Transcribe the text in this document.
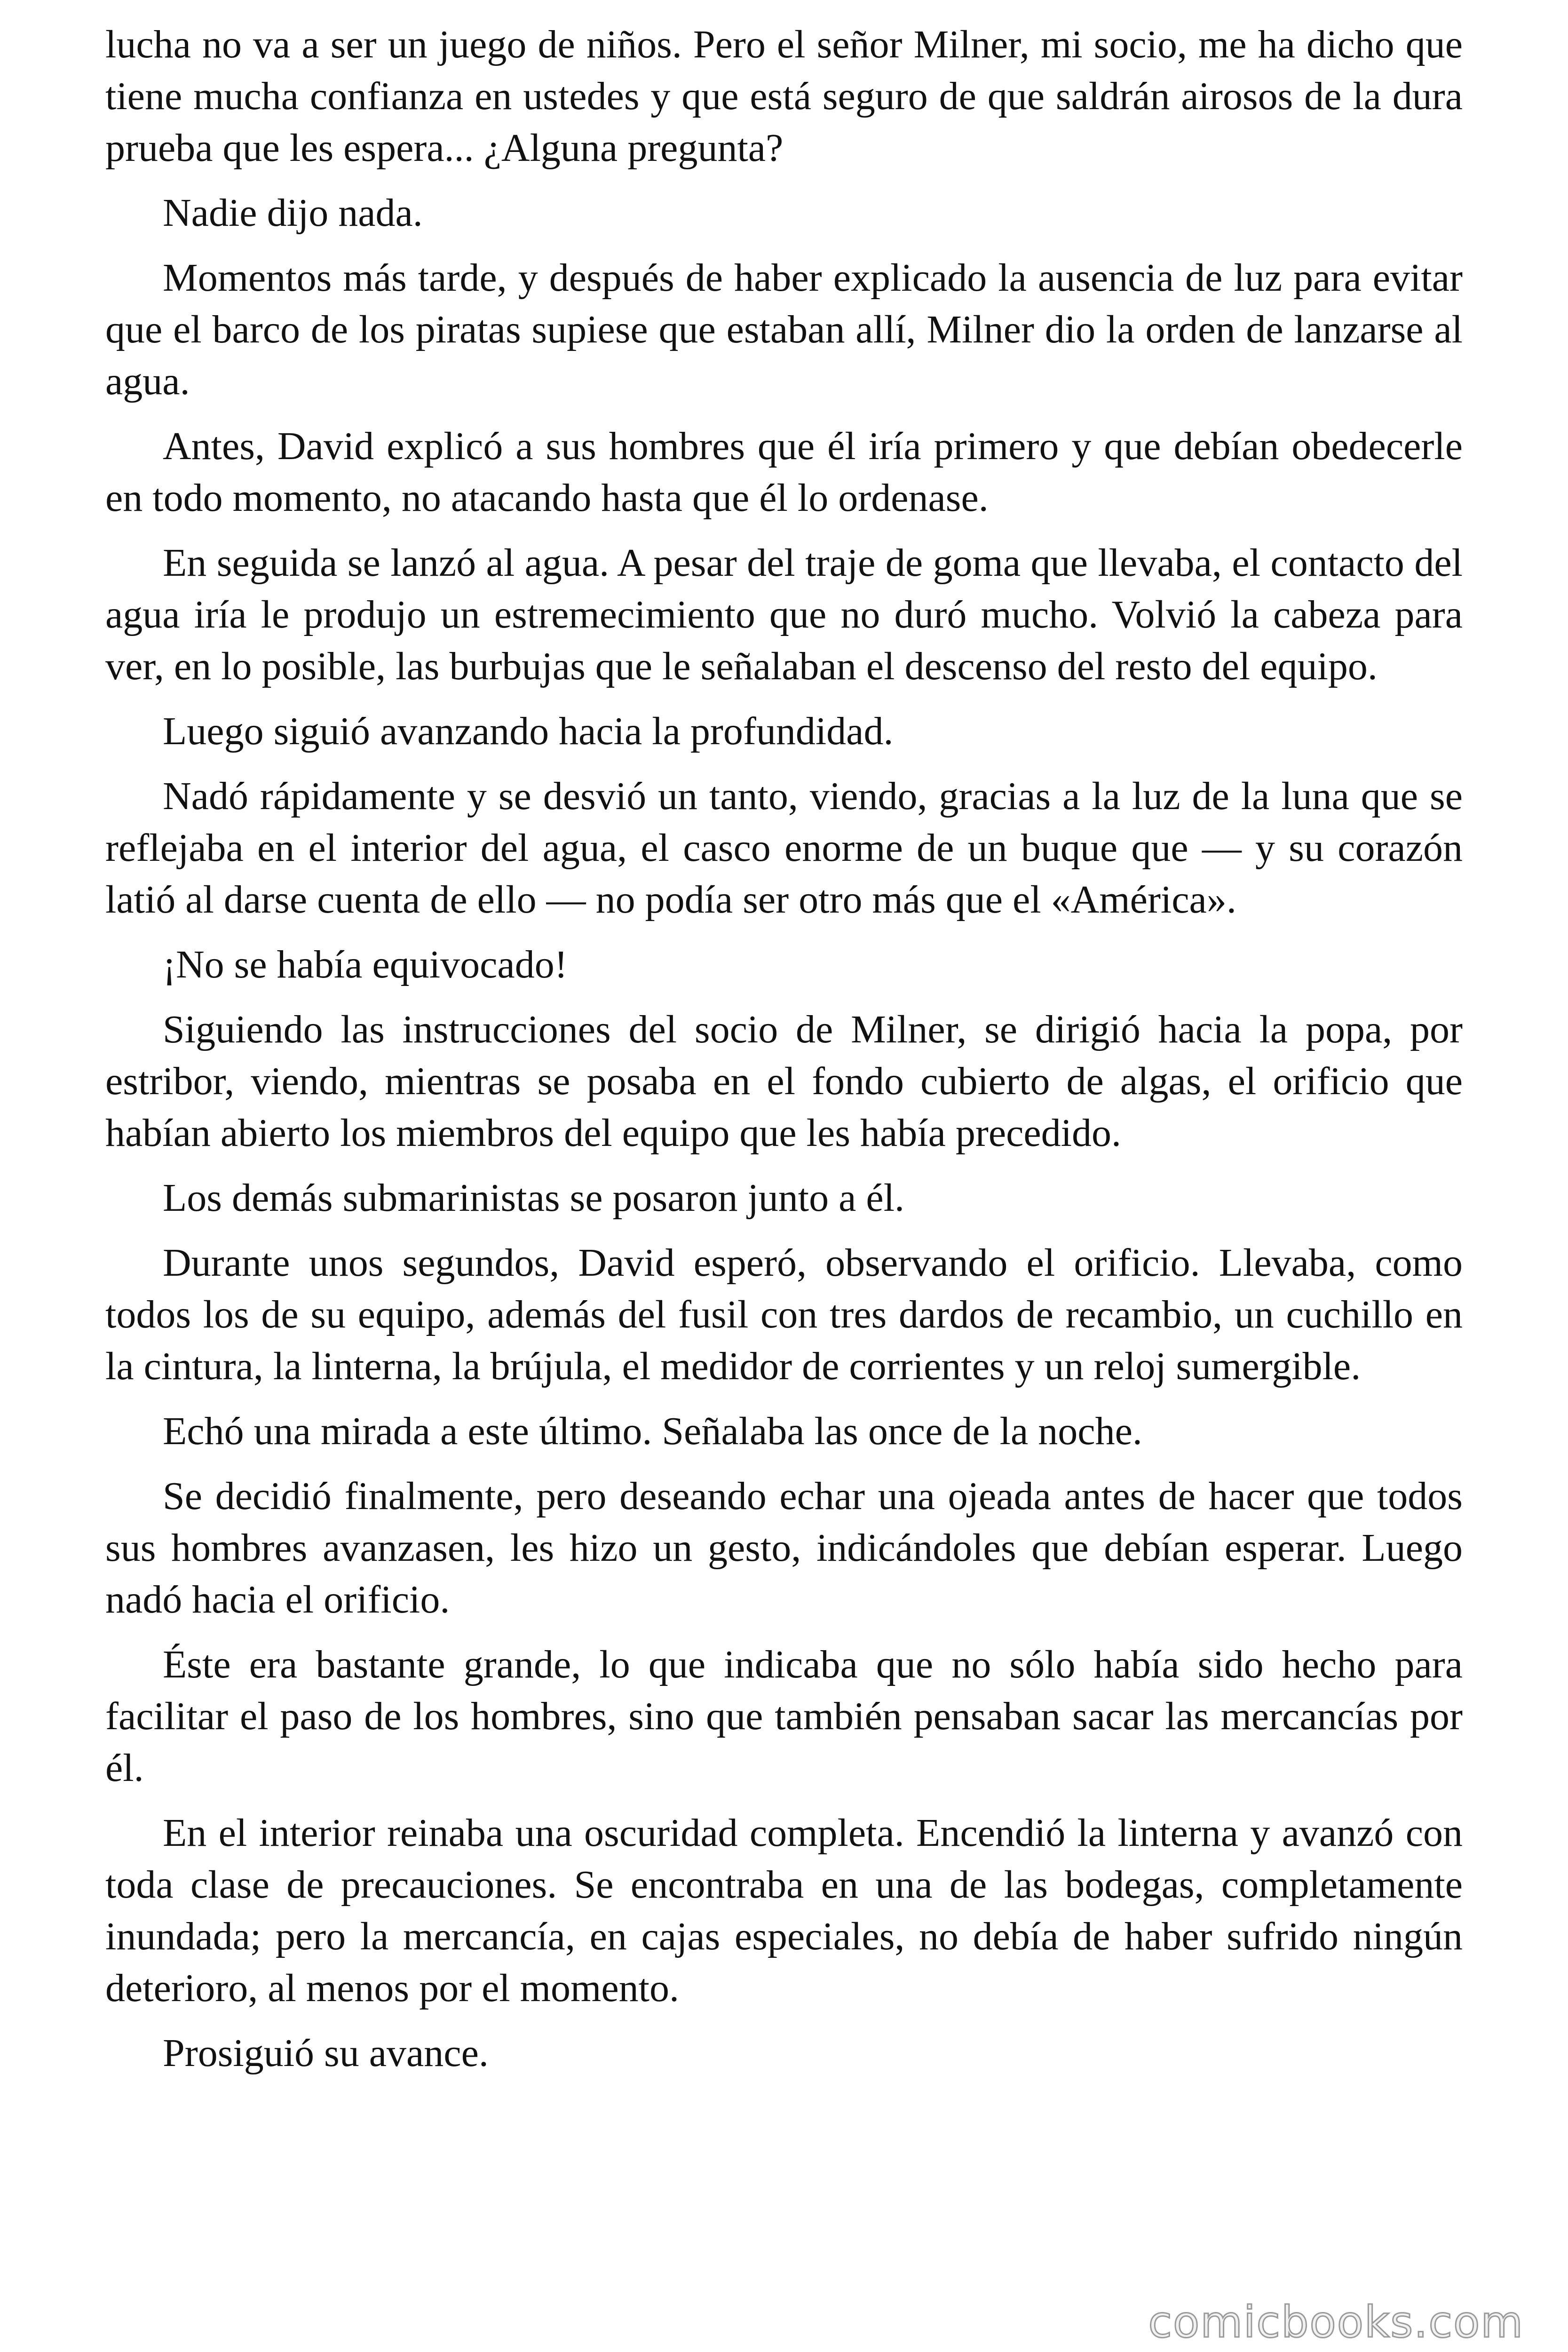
lucha no va a ser un juego de niños. Pero el señor Milner, mi socio, me ha dicho que tiene mucha confianza en ustedes y que está seguro de que saldrán airosos de la dura prueba que les espera... ¿Alguna pregunta?

Nadie dijo nada.

Momentos más tarde, y después de haber explicado la ausencia de luz para evitar que el barco de los piratas supiese que estaban allí, Milner dio la orden de lanzarse al agua.

Antes, David explicó a sus hombres que él iría primero y que debían obedecerle en todo momento, no atacando hasta que él lo ordenase.

En seguida se lanzó al agua. A pesar del traje de goma que llevaba, el contacto del agua iría le produjo un estremecimiento que no duró mucho. Volvió la cabeza para ver, en lo posible, las burbujas que le señalaban el descenso del resto del equipo.

Luego siguió avanzando hacia la profundidad.

Nadó rápidamente y se desvió un tanto, viendo, gracias a la luz de la luna que se reflejaba en el interior del agua, el casco enorme de un buque que — y su corazón latió al darse cuenta de ello — no podía ser otro más que el «América».

¡No se había equivocado!

Siguiendo las instrucciones del socio de Milner, se dirigió hacia la popa, por estribor, viendo, mientras se posaba en el fondo cubierto de algas, el orificio que habían abierto los miembros del equipo que les había precedido.

Los demás submarinistas se posaron junto a él.

Durante unos segundos, David esperó, observando el orificio. Llevaba, como todos los de su equipo, además del fusil con tres dardos de recambio, un cuchillo en la cintura, la linterna, la brújula, el medidor de corrientes y un reloj sumergible.

Echó una mirada a este último. Señalaba las once de la noche.

Se decidió finalmente, pero deseando echar una ojeada antes de hacer que todos sus hombres avanzasen, les hizo un gesto, indicándoles que debían esperar. Luego nadó hacia el orificio.

Éste era bastante grande, lo que indicaba que no sólo había sido hecho para facilitar el paso de los hombres, sino que también pensaban sacar las mercancías por él.

En el interior reinaba una oscuridad completa. Encendió la linterna y avanzó con toda clase de precauciones. Se encontraba en una de las bodegas, completamente inundada; pero la mercancía, en cajas especiales, no debía de haber sufrido ningún deterioro, al menos por el momento.

Prosiguió su avance.

comicbooks.com
